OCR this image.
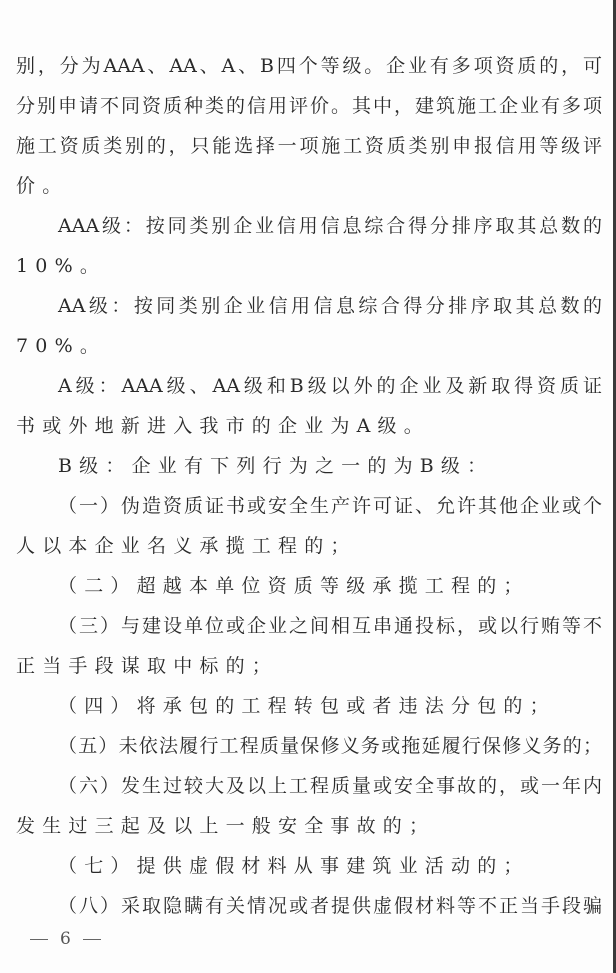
别，分为AAA、AA、A、B四个等级。企业有多项资质的，可
分别申请不同资质种类的信用评价。其中，建筑施工企业有多项
施工资质类别的，只能选择一项施工资质类别申报信用等级评
价。
AAA级：按同类别企业信用信息综合得分排序取其总数的
10%。
AA级：按同类别企业信用信息综合得分排序取其总数的
70%。
A级：AAA级、AA级和B级以外的企业及新取得资质证
书或外地新进入我市的企业为A级。
B级：企业有下列行为之一的为B级：
（一）伪造资质证书或安全生产许可证、允许其他企业或个
人以本企业名义承揽工程的；
（二）超越本单位资质等级承揽工程的；
（三）与建设单位或企业之间相互串通投标，或以行贿等不
正当手段谋取中标的；
（四）将承包的工程转包或者违法分包的；
（五）未依法履行工程质量保修义务或拖延履行保修义务的；
（六）发生过较大及以上工程质量或安全事故的，或一年内
发生过三起及以上一般安全事故的；
（七）提供虚假材料从事建筑业活动的；
（八）采取隐瞒有关情况或者提供虚假材料等不正当手段骗
6
